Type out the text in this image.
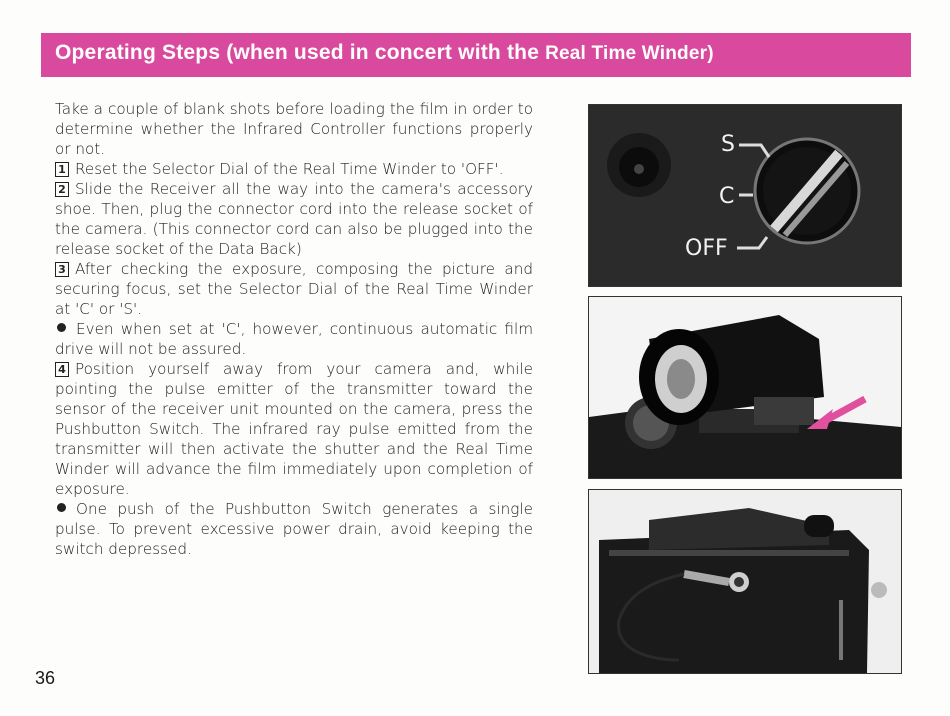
Operating Steps (when used in concert with the Real Time Winder)

Take a couple of blank shots before loading the film in order to determine whether the Infrared Controller functions properly or not.

1 Reset the Selector Dial of the Real Time Winder to 'OFF'.

2 Slide the Receiver all the way into the camera's accessory shoe. Then, plug the connector cord into the release socket of the camera. (This connector cord can also be plugged into the release socket of the Data Back)

3 After checking the exposure, composing the picture and securing focus, set the Selector Dial of the Real Time Winder at 'C' or 'S'.

Even when set at 'C', however, continuous automatic film drive will not be assured.

4 Position yourself away from your camera and, while pointing the pulse emitter of the transmitter toward the sensor of the receiver unit mounted on the camera, press the Pushbutton Switch. The infrared ray pulse emitted from the transmitter will then activate the shutter and the Real Time Winder will advance the film immediately upon completion of exposure.

One push of the Pushbutton Switch generates a single pulse. To prevent excessive power drain, avoid keeping the switch depressed.

S
C
OFF
36
